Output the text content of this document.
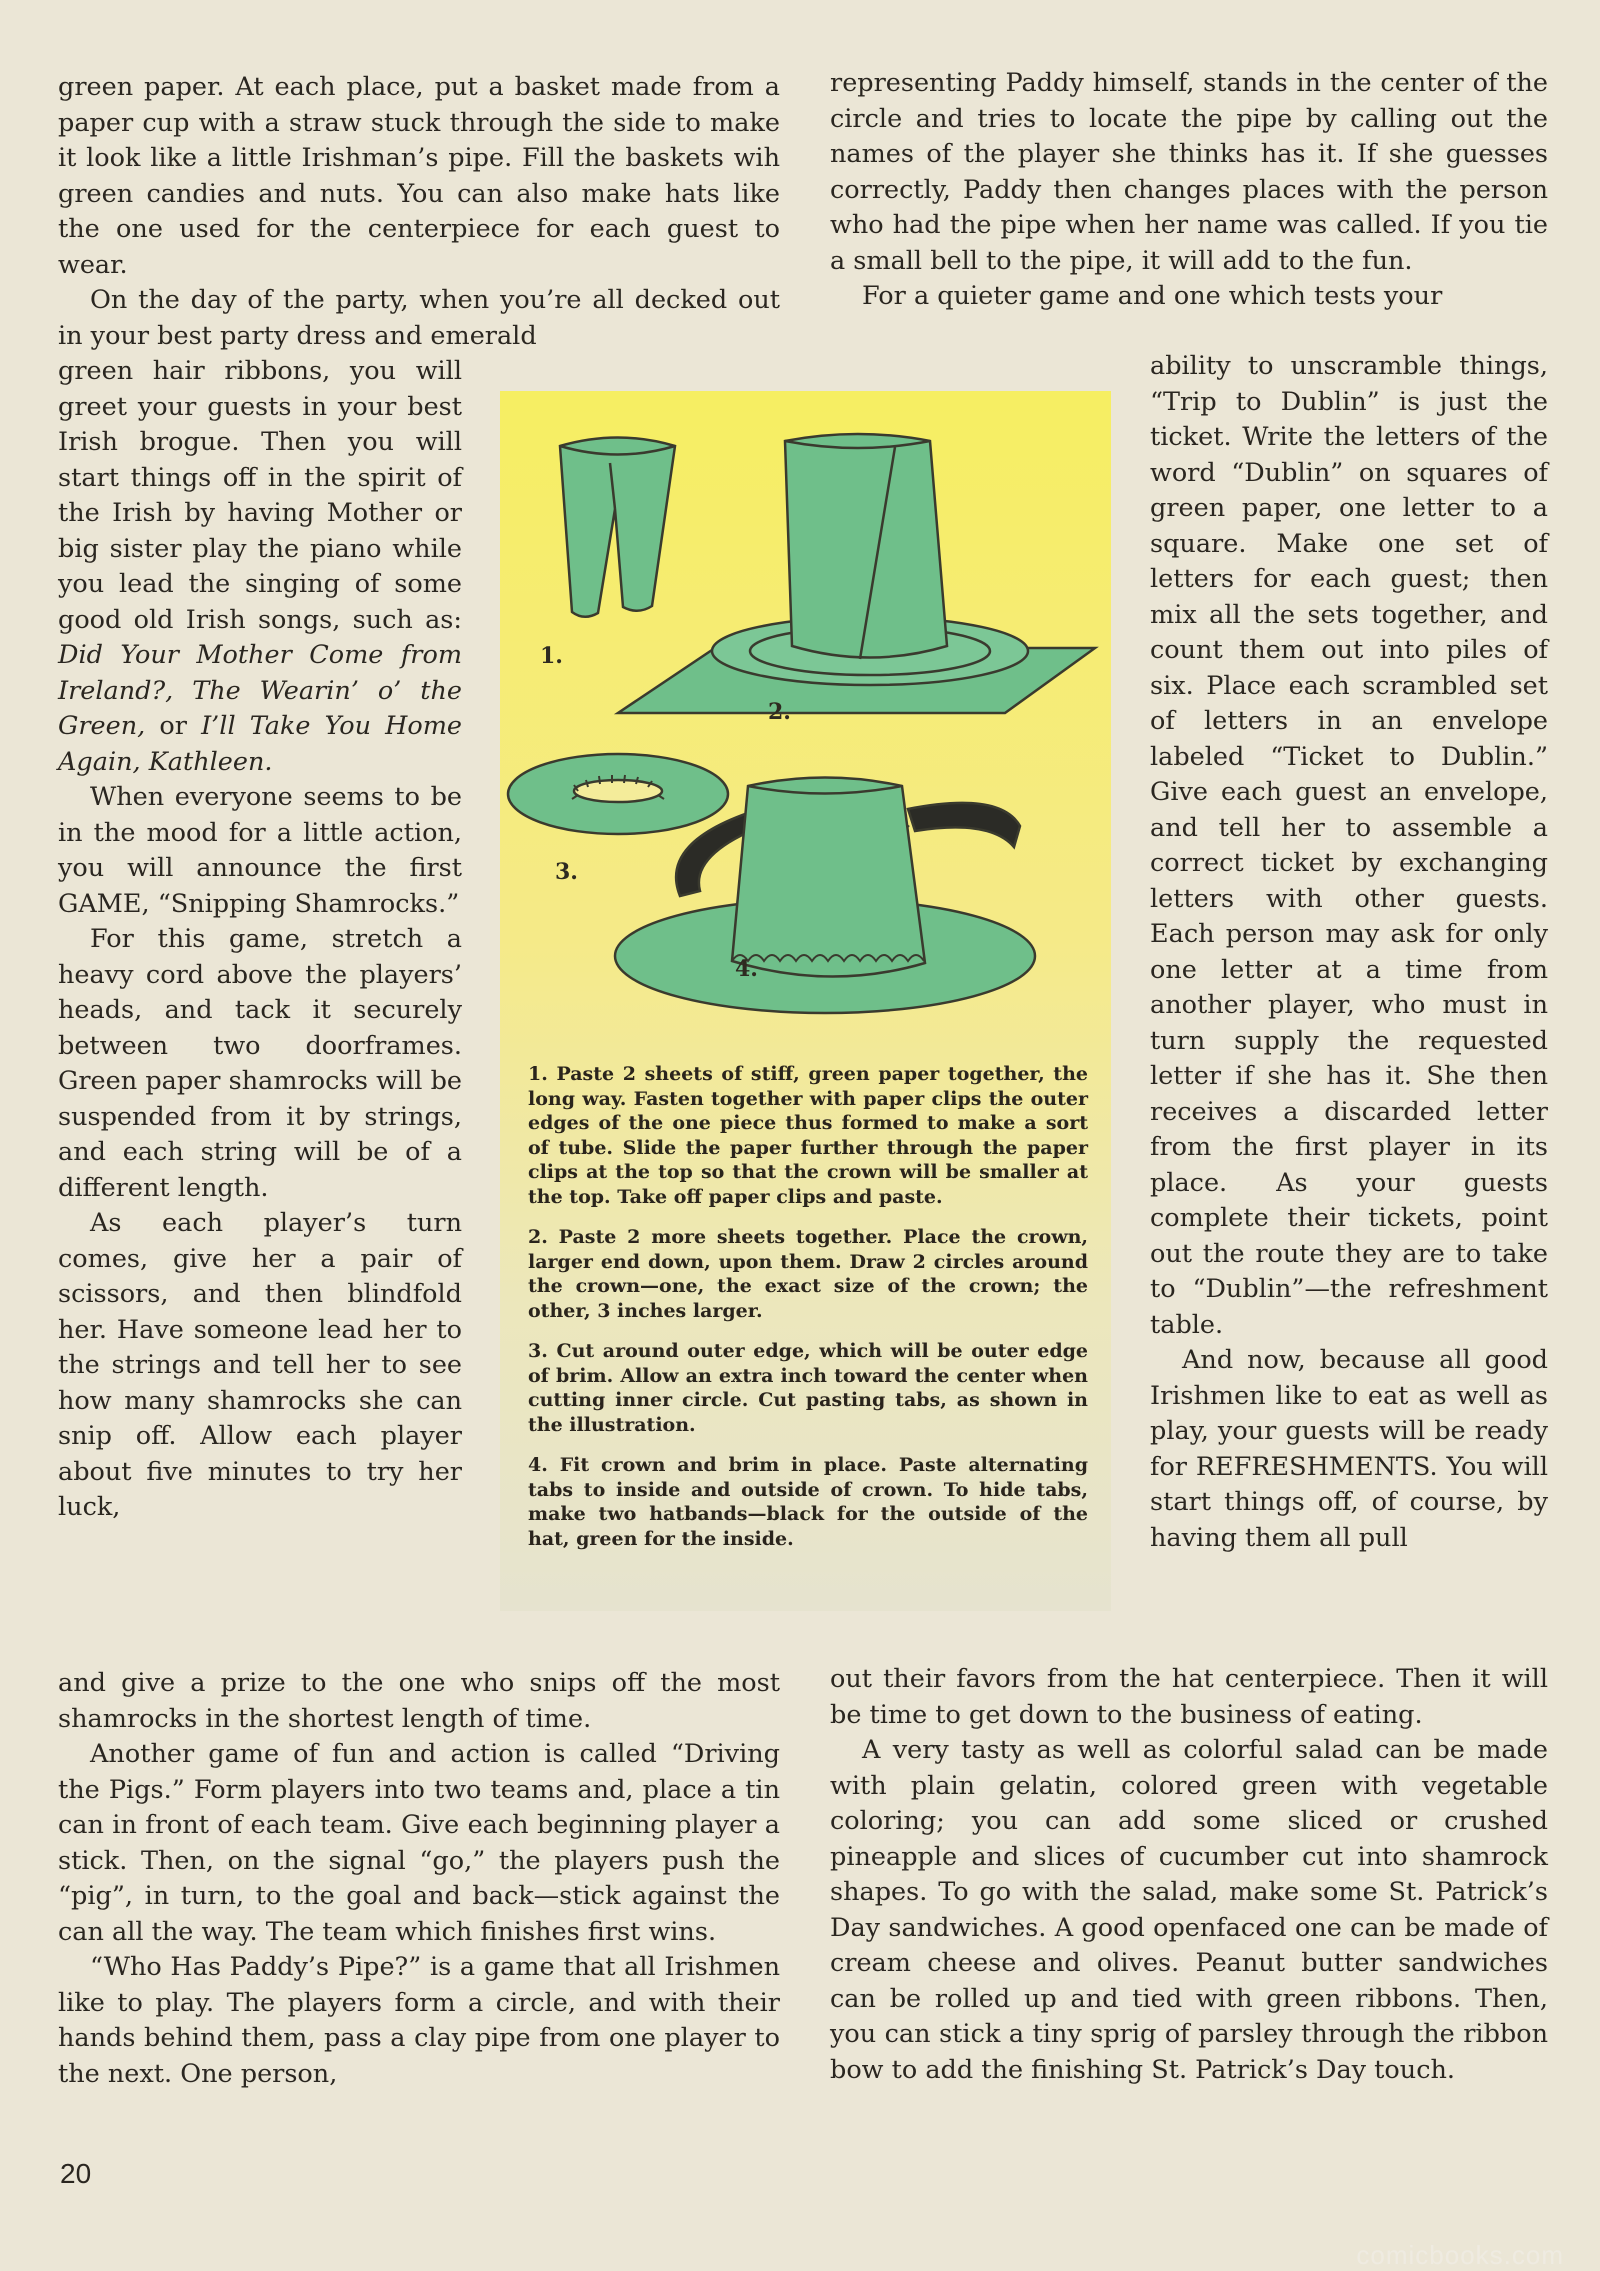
green paper. At each place, put a basket made from a paper cup with a straw stuck through the side to make it look like a little Irishman’s pipe. Fill the baskets wih green candies and nuts. You can also make hats like the one used for the centerpiece for each guest to wear.

On the day of the party, when you’re all decked out in your best party dress and emerald

green hair ribbons, you will greet your guests in your best Irish brogue. Then you will start things off in the spirit of the Irish by having Mother or big sister play the piano while you lead the singing of some good old Irish songs, such as: Did Your Mother Come from Ireland?, The Wearin’ o’ the Green, or I’ll Take You Home Again, Kathleen.

When everyone seems to be in the mood for a little action, you will announce the first GAME, “Snipping Shamrocks.”

For this game, stretch a heavy cord above the players’ heads, and tack it securely between two doorframes. Green paper shamrocks will be suspended from it by strings, and each string will be of a different length.

As each player’s turn comes, give her a pair of scissors, and then blindfold her. Have someone lead her to the strings and tell her to see how many shamrocks she can snip off. Allow each player about five minutes to try her luck,

and give a prize to the one who snips off the most shamrocks in the shortest length of time.

Another game of fun and action is called “Driving the Pigs.” Form players into two teams and, place a tin can in front of each team. Give each beginning player a stick. Then, on the signal “go,” the players push the “pig”, in turn, to the goal and back—stick against the can all the way. The team which finishes first wins.

“Who Has Paddy’s Pipe?” is a game that all Irishmen like to play. The players form a circle, and with their hands behind them, pass a clay pipe from one player to the next. One person,

representing Paddy himself, stands in the center of the circle and tries to locate the pipe by calling out the names of the player she thinks has it. If she guesses correctly, Paddy then changes places with the person who had the pipe when her name was called. If you tie a small bell to the pipe, it will add to the fun.

For a quieter game and one which tests your

ability to unscramble things, “Trip to Dublin” is just the ticket. Write the letters of the word “Dublin” on squares of green paper, one letter to a square. Make one set of letters for each guest; then mix all the sets together, and count them out into piles of six. Place each scrambled set of letters in an envelope labeled “Ticket to Dublin.” Give each guest an envelope, and tell her to assemble a correct ticket by exchanging letters with other guests. Each person may ask for only one letter at a time from another player, who must in turn supply the requested letter if she has it. She then receives a discarded letter from the first player in its place. As your guests complete their tickets, point out the route they are to take to “Dublin”—the refreshment table.

And now, because all good Irishmen like to eat as well as play, your guests will be ready for REFRESHMENTS. You will start things off, of course, by having them all pull

out their favors from the hat centerpiece. Then it will be time to get down to the business of eating.

A very tasty as well as colorful salad can be made with plain gelatin, colored green with vegetable coloring; you can add some sliced or crushed pineapple and slices of cucumber cut into shamrock shapes. To go with the salad, make some St. Patrick’s Day sandwiches. A good openfaced one can be made of cream cheese and olives. Peanut butter sandwiches can be rolled up and tied with green ribbons. Then, you can stick a tiny sprig of parsley through the ribbon bow to add the finishing St. Patrick’s Day touch.

1.
2.
3.
4.

1. Paste 2 sheets of stiff, green paper together, the long way. Fasten together with paper clips the outer edges of the one piece thus formed to make a sort of tube. Slide the paper further through the paper clips at the top so that the crown will be smaller at the top. Take off paper clips and paste.

2. Paste 2 more sheets together. Place the crown, larger end down, upon them. Draw 2 circles around the crown—one, the exact size of the crown; the other, 3 inches larger.

3. Cut around outer edge, which will be outer edge of brim. Allow an extra inch toward the center when cutting inner circle. Cut pasting tabs, as shown in the illustration.

4. Fit crown and brim in place. Paste alternating tabs to inside and outside of crown. To hide tabs, make two hatbands—black for the outside of the hat, green for the inside.

20
comicbooks.com
